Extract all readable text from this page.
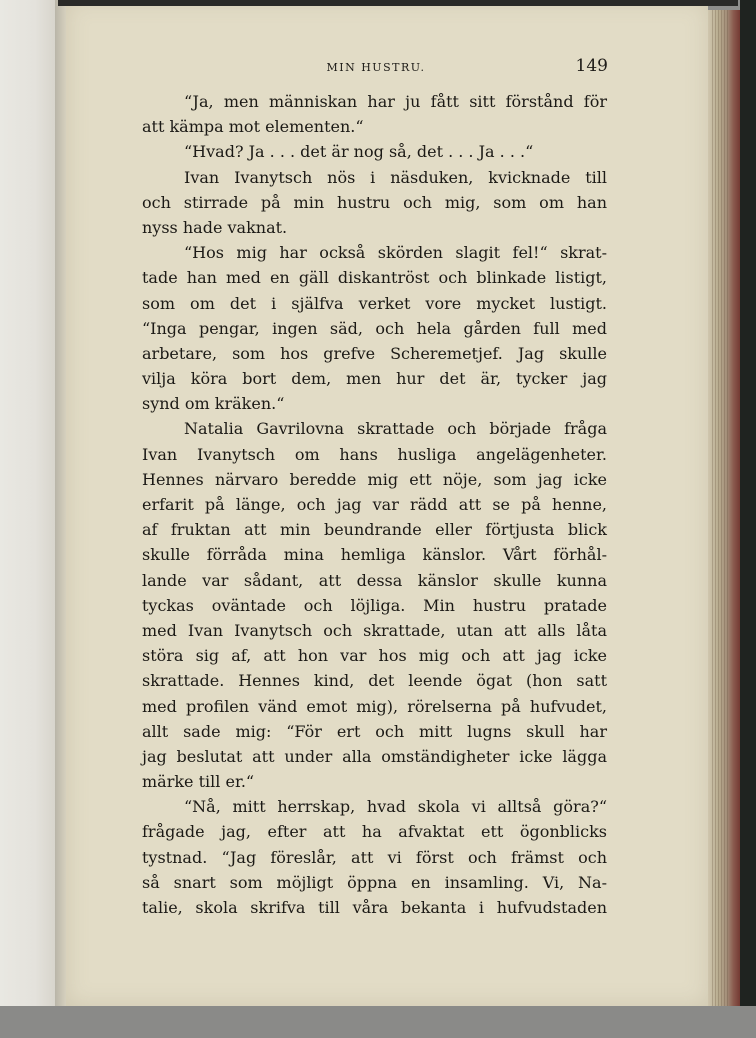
MIN HUSTRU.	149
“Ja, men människan har ju fått sitt förstånd för
att kämpa mot elementen.“
“Hvad? Ja . . . det är nog så, det . . . Ja . . .“
Ivan Ivanytsch nös i näsduken, kvicknade till
och stirrade på min hustru och mig, som om han
nyss hade vaknat.
“Hos mig har också skörden slagit fel!“ skrat-
tade han med en gäll diskantröst och blinkade listigt,
som om det i själfva verket vore mycket lustigt.
“Inga pengar, ingen säd, och hela gården full med
arbetare, som hos grefve Scheremetjef. Jag skulle
vilja köra bort dem, men hur det är, tycker jag
synd om kräken.“
Natalia Gavrilovna skrattade och började fråga
Ivan Ivanytsch om hans husliga angelägenheter.
Hennes närvaro beredde mig ett nöje, som jag icke
erfarit på länge, och jag var rädd att se på henne,
af fruktan att min beundrande eller förtjusta blick
skulle förråda mina hemliga känslor. Vårt förhål-
lande var sådant, att dessa känslor skulle kunna
tyckas oväntade och löjliga. Min hustru pratade
med Ivan Ivanytsch och skrattade, utan att alls låta
störa sig af, att hon var hos mig och att jag icke
skrattade. Hennes kind, det leende ögat (hon satt
med profilen vänd emot mig), rörelserna på hufvudet,
allt sade mig: “För ert och mitt lugns skull har
jag beslutat att under alla omständigheter icke lägga
märke till er.“
“Nå, mitt herrskap, hvad skola vi alltså göra?“
frågade jag, efter att ha afvaktat ett ögonblicks
tystnad. “Jag föreslår, att vi först och främst och
så snart som möjligt öppna en insamling. Vi, Na-
talie, skola skrifva till våra bekanta i hufvudstaden
